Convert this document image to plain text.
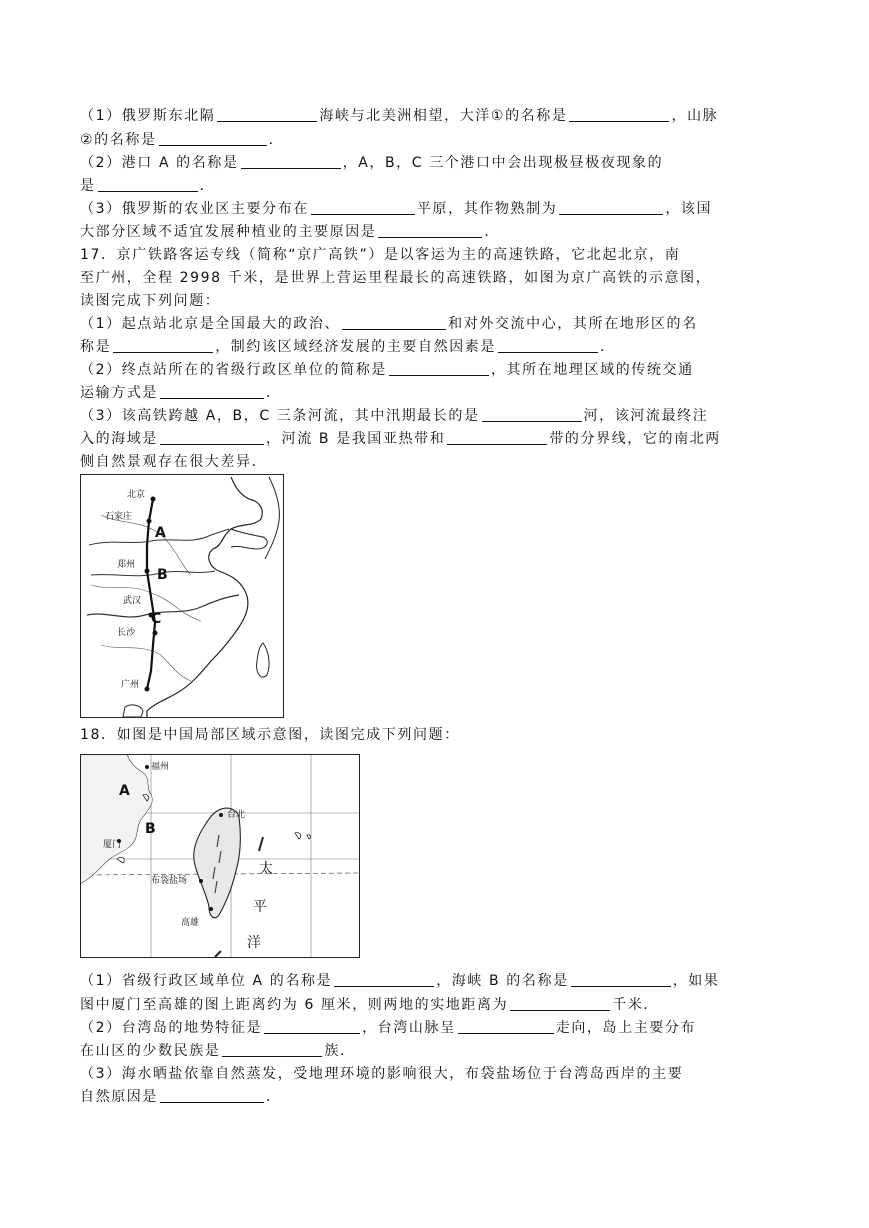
（1）俄罗斯东北隔	海峡与北美洲相望，大洋①的名称是	，山脉
②的名称是	．
（2）港口 A 的名称是	，A，B，C 三个港口中会出现极昼极夜现象的
是	．
（3）俄罗斯的农业区主要分布在	平原，其作物熟制为	，该国
大部分区域不适宜发展种植业的主要原因是	．
17．京广铁路客运专线（简称“京广高铁”）是以客运为主的高速铁路，它北起北京，南
至广州，全程 2998 千米，是世界上营运里程最长的高速铁路，如图为京广高铁的示意图，
读图完成下列问题：
（1）起点站北京是全国最大的政治、	和对外交流中心，其所在地形区的名
称是	，制约该区域经济发展的主要自然因素是	．
（2）终点站所在的省级行政区单位的简称是	，其所在地理区域的传统交通
运输方式是	．
（3）该高铁跨越 A，B，C 三条河流，其中汛期最长的是	河，该河流最终注
入的海域是	，河流 B 是我国亚热带和	带的分界线，它的南北两
侧自然景观存在很大差异．
北京
石家庄
郑州
武汉
长沙
广州
A
B
C
18．如图是中国局部区域示意图，读图完成下列问题：
福州
厦门
台北
布袋盐场
高雄
A
B
太
平
洋
（1）省级行政区域单位 A 的名称是	，海峡 B 的名称是	，如果
图中厦门至高雄的图上距离约为 6 厘米，则两地的实地距离为	千米．
（2）台湾岛的地势特征是	，台湾山脉呈	走向，岛上主要分布
在山区的少数民族是	族．
（3）海水晒盐依靠自然蒸发，受地理环境的影响很大，布袋盐场位于台湾岛西岸的主要
自然原因是	．
